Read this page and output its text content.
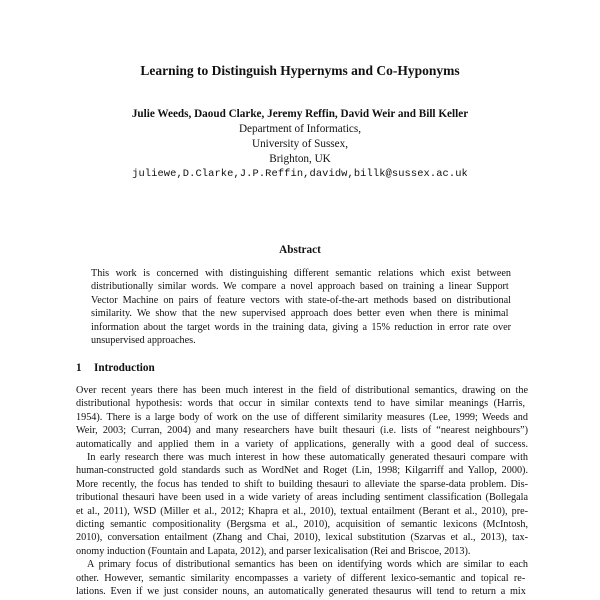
Learning to Distinguish Hypernyms and Co-Hyponyms
Julie Weeds, Daoud Clarke, Jeremy Reffin, David Weir and Bill Keller
Department of Informatics,
University of Sussex,
Brighton, UK
juliewe,D.Clarke,J.P.Reffin,davidw,billk@sussex.ac.uk
Abstract
This work is concerned with distinguishing different semantic relations which exist between
distributionally similar words. We compare a novel approach based on training a linear Support
Vector Machine on pairs of feature vectors with state-of-the-art methods based on distributional
similarity. We show that the new supervised approach does better even when there is minimal
information about the target words in the training data, giving a 15% reduction in error rate over
unsupervised approaches.
1 Introduction
Over recent years there has been much interest in the field of distributional semantics, drawing on the
distributional hypothesis: words that occur in similar contexts tend to have similar meanings (Harris,
1954). There is a large body of work on the use of different similarity measures (Lee, 1999; Weeds and
Weir, 2003; Curran, 2004) and many researchers have built thesauri (i.e. lists of “nearest neighbours”)
automatically and applied them in a variety of applications, generally with a good deal of success.
In early research there was much interest in how these automatically generated thesauri compare with
human-constructed gold standards such as WordNet and Roget (Lin, 1998; Kilgarriff and Yallop, 2000).
More recently, the focus has tended to shift to building thesauri to alleviate the sparse-data problem. Dis-
tributional thesauri have been used in a wide variety of areas including sentiment classification (Bollegala
et al., 2011), WSD (Miller et al., 2012; Khapra et al., 2010), textual entailment (Berant et al., 2010), pre-
dicting semantic compositionality (Bergsma et al., 2010), acquisition of semantic lexicons (McIntosh,
2010), conversation entailment (Zhang and Chai, 2010), lexical substitution (Szarvas et al., 2013), tax-
onomy induction (Fountain and Lapata, 2012), and parser lexicalisation (Rei and Briscoe, 2013).
A primary focus of distributional semantics has been on identifying words which are similar to each
other. However, semantic similarity encompasses a variety of different lexico-semantic and topical re-
lations. Even if we just consider nouns, an automatically generated thesaurus will tend to return a mix
